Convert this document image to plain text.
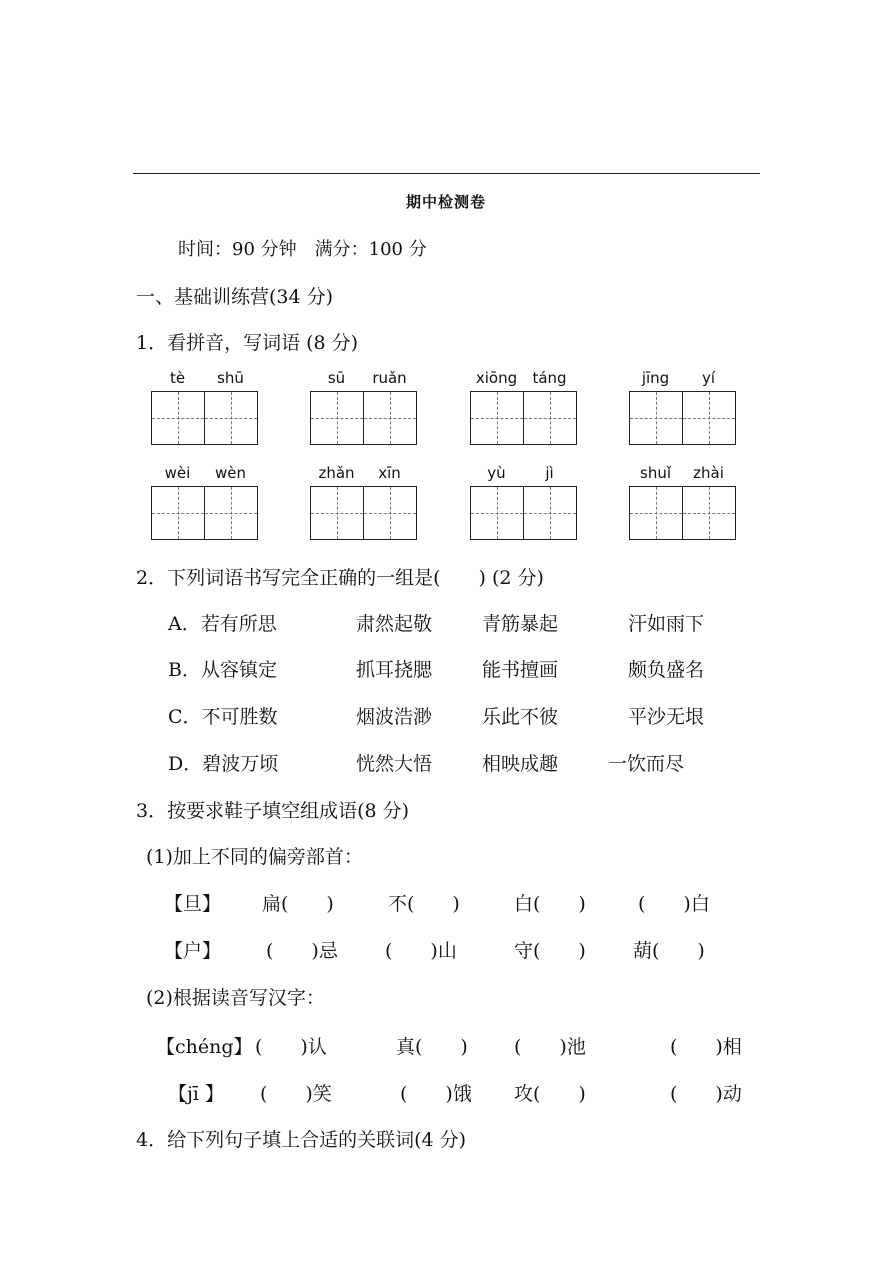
期中检测卷
时间：90 分钟　满分：100 分
一、基础训练营(34 分)
1．看拼音，写词语 (8 分)
tè	shū	sū	ruǎn	xiōng	táng	jīng	yí
wèi	wèn	zhǎn	xīn	yù	jì	shuǐ	zhài
2．下列词语书写完全正确的一组是(　　) (2 分)
A．若有所思	肃然起敬	青筋暴起	汗如雨下
B．从容镇定	抓耳挠腮	能书擅画	颇负盛名
C．不可胜数	烟波浩渺	乐此不彼	平沙无垠
D．碧波万顷	恍然大悟	相映成趣	一饮而尽
3．按要求鞋子填空组成语(8 分)
(1)加上不同的偏旁部首：
【旦】 扁(　　)	不(　　)	白(　　)	(　　)白
【户】 (　　)忌 (　　)山	守(　　) 葫(　　)
(2)根据读音写汉字：
【chéng】 (　　)认	真(　　) (　　)池	(　　)相
【jī 】 (　　)笑	(　　)饿 攻(　　)	(　　)动
4．给下列句子填上合适的关联词(4 分)
